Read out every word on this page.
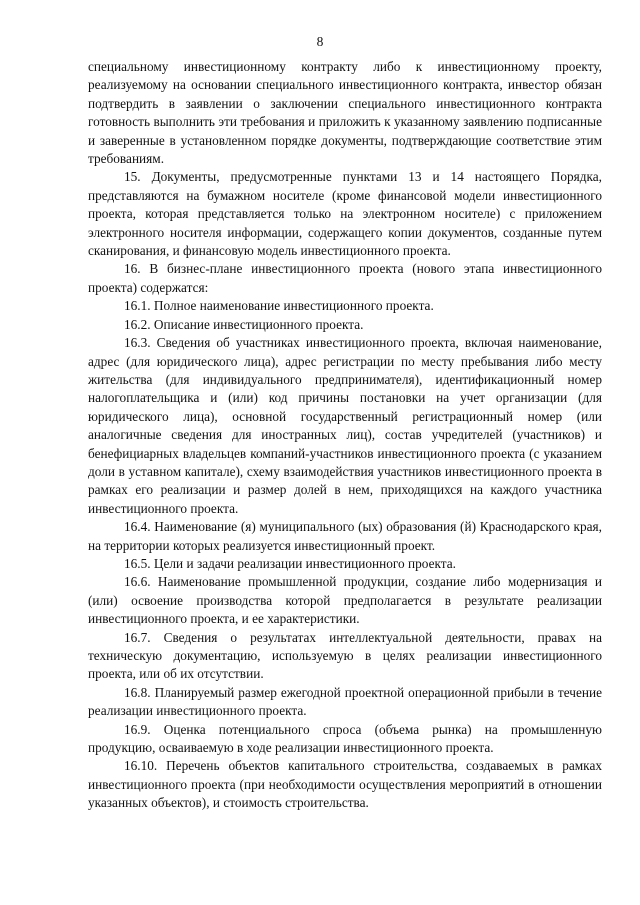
8

специальному инвестиционному контракту либо к инвестиционному проекту, реализуемому на основании специального инвестиционного контракта, инвестор обязан подтвердить в заявлении о заключении специального инвестиционного контракта готовность выполнить эти требования и приложить к указанному заявлению подписанные и заверенные в установленном порядке документы, подтверждающие соответствие этим требованиям.

15. Документы, предусмотренные пунктами 13 и 14 настоящего Порядка, представляются на бумажном носителе (кроме финансовой модели инвестиционного проекта, которая представляется только на электронном носителе) с приложением электронного носителя информации, содержащего копии документов, созданные путем сканирования, и финансовую модель инвестиционного проекта.

16. В бизнес-плане инвестиционного проекта (нового этапа инвестиционного проекта) содержатся:

16.1. Полное наименование инвестиционного проекта.

16.2. Описание инвестиционного проекта.

16.3. Сведения об участниках инвестиционного проекта, включая наименование, адрес (для юридического лица), адрес регистрации по месту пребывания либо месту жительства (для индивидуального предпринимателя), идентификационный номер налогоплательщика и (или) код причины постановки на учет организации (для юридического лица), основной государственный регистрационный номер (или аналогичные сведения для иностранных лиц), состав учредителей (участников) и бенефициарных владельцев компаний-участников инвестиционного проекта (с указанием доли в уставном капитале), схему взаимодействия участников инвестиционного проекта в рамках его реализации и размер долей в нем, приходящихся на каждого участника инвестиционного проекта.

16.4. Наименование (я) муниципального (ых) образования (й) Краснодарского края, на территории которых реализуется инвестиционный проект.

16.5. Цели и задачи реализации инвестиционного проекта.

16.6. Наименование промышленной продукции, создание либо модернизация и (или) освоение производства которой предполагается в результате реализации инвестиционного проекта, и ее характеристики.

16.7. Сведения о результатах интеллектуальной деятельности, правах на техническую документацию, используемую в целях реализации инвестиционного проекта, или об их отсутствии.

16.8. Планируемый размер ежегодной проектной операционной прибыли в течение реализации инвестиционного проекта.

16.9. Оценка потенциального спроса (объема рынка) на промышленную продукцию, осваиваемую в ходе реализации инвестиционного проекта.

16.10. Перечень объектов капитального строительства, создаваемых в рамках инвестиционного проекта (при необходимости осуществления мероприятий в отношении указанных объектов), и стоимость строительства.
